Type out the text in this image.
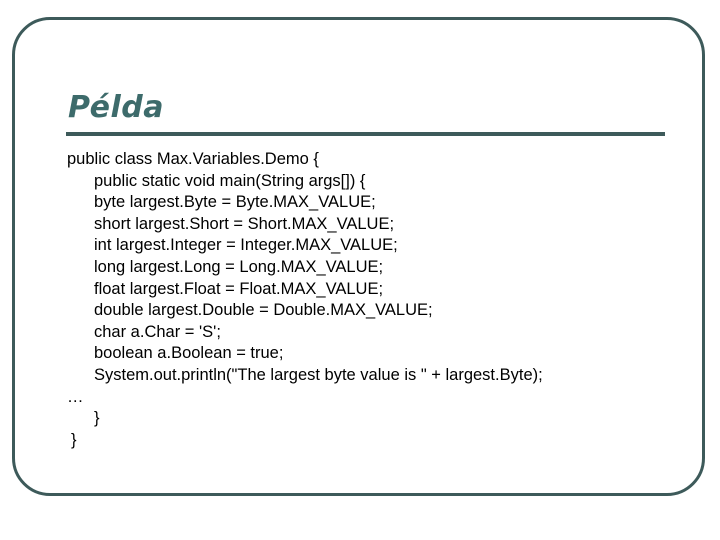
Példa
public class Max.Variables.Demo {
public static void main(String args[]) {
byte largest.Byte = Byte.MAX_VALUE;
short largest.Short = Short.MAX_VALUE;
int largest.Integer = Integer.MAX_VALUE;
long largest.Long = Long.MAX_VALUE;
float largest.Float = Float.MAX_VALUE;
double largest.Double = Double.MAX_VALUE;
char a.Char = 'S';
boolean a.Boolean = true;
System.out.println("The largest byte value is " + largest.Byte);
…
}
}
